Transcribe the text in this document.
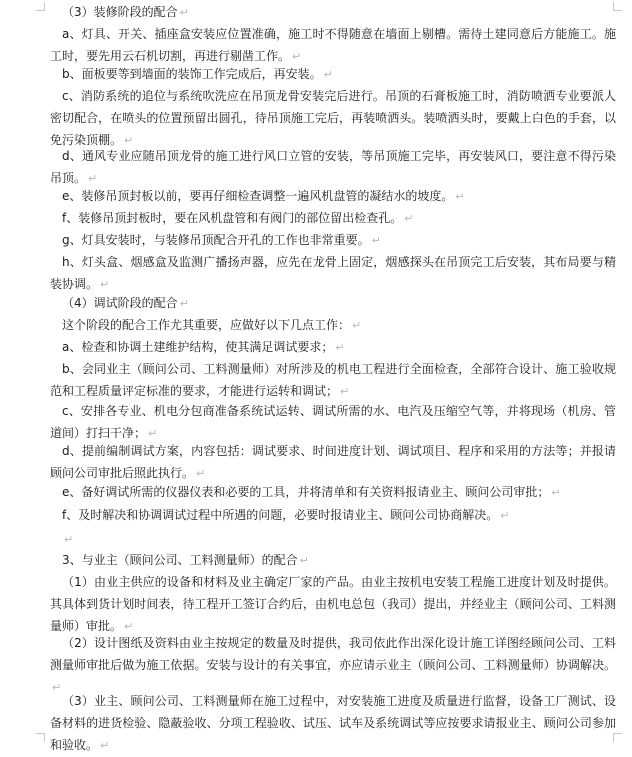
（3）装修阶段的配合 ↵

a、灯具、开关、插座盒安装应位置准确，施工时不得随意在墙面上剔槽。需待土建同意后方能施工。施工时，要先用云石机切割，再进行剔凿工作。 ↵

b、面板要等到墙面的装饰工作完成后，再安装。 ↵

c、消防系统的追位与系统吹洗应在吊顶龙骨安装完后进行。吊顶的石膏板施工时，消防喷洒专业要派人密切配合，在喷头的位置预留出圆孔，待吊顶施工完后，再装喷洒头。装喷洒头时，要戴上白色的手套，以免污染顶棚。 ↵

d、通风专业应随吊顶龙骨的施工进行风口立管的安装，等吊顶施工完毕，再安装风口，要注意不得污染吊顶。 ↵

e、装修吊顶封板以前，要再仔细检查调整一遍风机盘管的凝结水的坡度。 ↵

f、装修吊顶封板时，要在风机盘管和有阀门的部位留出检查孔。 ↵

g、灯具安装时，与装修吊顶配合开孔的工作也非常重要。 ↵

h、灯头盒、烟感盒及监测广播扬声器，应先在龙骨上固定，烟感探头在吊顶完工后安装，其布局要与精装协调。 ↵

（4）调试阶段的配合 ↵

这个阶段的配合工作尤其重要，应做好以下几点工作： ↵

a、检查和协调土建维护结构，使其满足调试要求； ↵

b、会同业主（顾问公司、工料测量师）对所涉及的机电工程进行全面检查，全部符合设计、施工验收规范和工程质量评定标准的要求，才能进行运转和调试； ↵

c、安排各专业、机电分包商准备系统试运转、调试所需的水、电汽及压缩空气等，并将现场（机房、管道间）打扫干净； ↵

d、提前编制调试方案，内容包括：调试要求、时间进度计划、调试项目、程序和采用的方法等；并报请顾问公司审批后照此执行。 ↵

e、备好调试所需的仪器仪表和必要的工具，并将清单和有关资料报请业主、顾问公司审批； ↵

f、及时解决和协调调试过程中所遇的问题，必要时报请业主、顾问公司协商解决。 ↵

↵

3、与业主（顾问公司、工料测量师）的配合 ↵

（1）由业主供应的设备和材料及业主确定厂家的产品。由业主按机电安装工程施工进度计划及时提供。其具体到货计划时间表，待工程开工签订合约后，由机电总包（我司）提出，并经业主（顾问公司、工料测量师）审批。 ↵

（2）设计图纸及资料由业主按规定的数量及时提供，我司依此作出深化设计施工详图经顾问公司、工料测量师审批后做为施工依据。安装与设计的有关事宜，亦应请示业主（顾问公司、工料测量师）协调解决。↵

（3）业主、顾问公司、工料测量师在施工过程中，对安装施工进度及质量进行监督，设备工厂测试、设备材料的进货检验、隐蔽验收、分项工程验收、试压、试车及系统调试等应按要求请报业主、顾问公司参加和验收。 ↵
